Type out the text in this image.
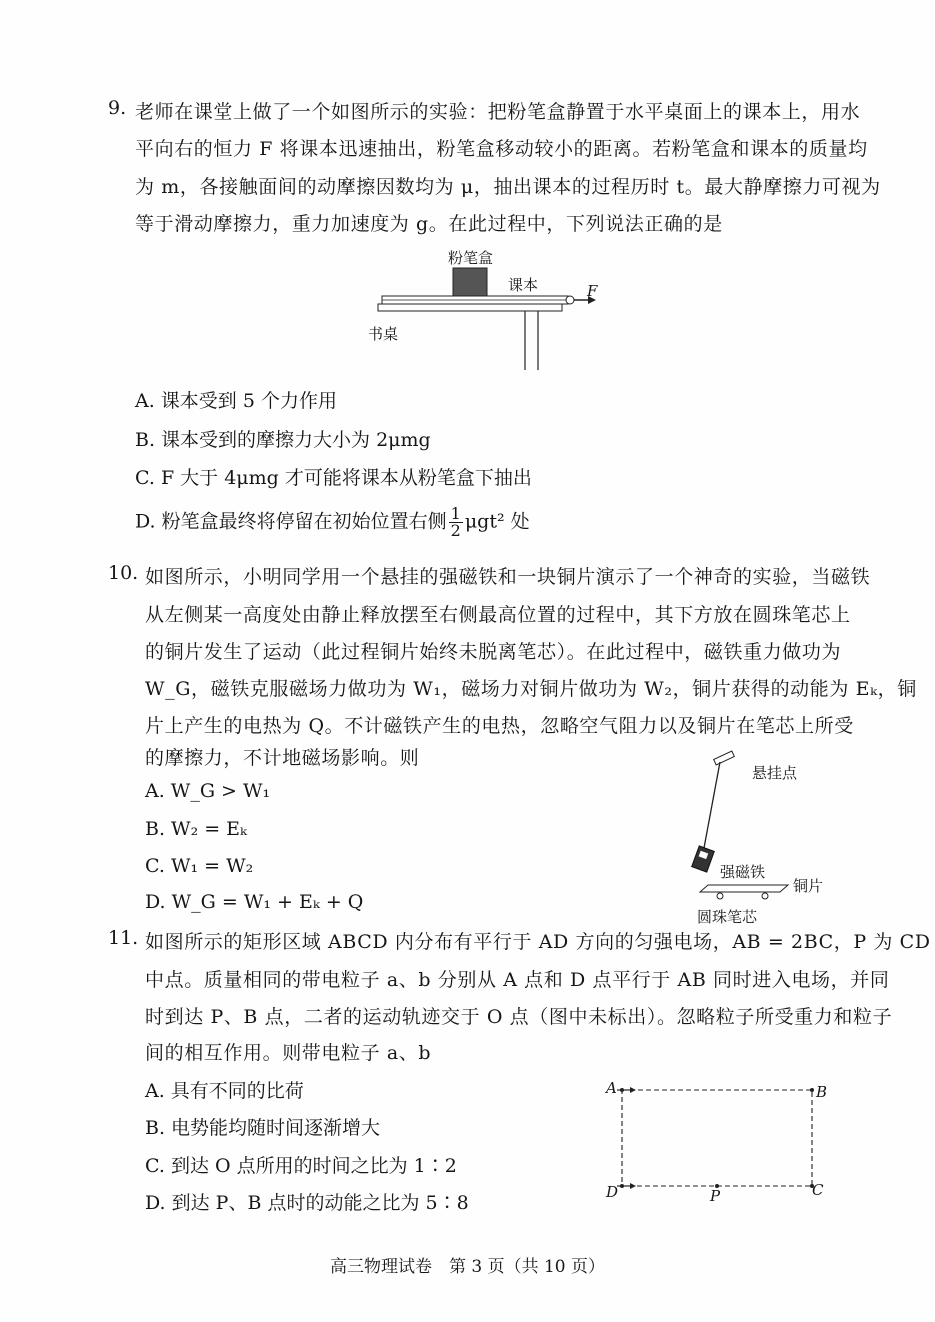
9. 老师在课堂上做了一个如图所示的实验：把粉笔盒静置于水平桌面上的课本上，用水
平向右的恒力 F 将课本迅速抽出，粉笔盒移动较小的距离。若粉笔盒和课本的质量均
为 m，各接触面间的动摩擦因数均为 μ，抽出课本的过程历时 t。最大静摩擦力可视为
等于滑动摩擦力，重力加速度为 g。在此过程中，下列说法正确的是
粉笔盒
课本	F
书桌
A. 课本受到 5 个力作用
B. 课本受到的摩擦力大小为 2μmg
C. F 大于 4μmg 才可能将课本从粉笔盒下抽出
D. 粉笔盒最终将停留在初始位置右侧 $\frac{1}{2} \mu gt^2$ 处
10. 如图所示，小明同学用一个悬挂的强磁铁和一块铜片演示了一个神奇的实验，当磁铁
从左侧某一高度处由静止释放摆至右侧最高位置的过程中，其下方放在圆珠笔芯上
的铜片发生了运动（此过程铜片始终未脱离笔芯）。在此过程中，磁铁重力做功为
W_G，磁铁克服磁场力做功为 W₁，磁场力对铜片做功为 W₂，铜片获得的动能为 Eₖ，铜
片上产生的电热为 Q。不计磁铁产生的电热，忽略空气阻力以及铜片在笔芯上所受
的摩擦力，不计地磁场影响。则
悬挂点
强磁铁
铜片
圆珠笔芯
A. W_G > W₁
B. W₂ = Eₖ
C. W₁ = W₂
D. W_G = W₁ + Eₖ + Q
11. 如图所示的矩形区域 ABCD 内分布有平行于 AD 方向的匀强电场，AB = 2BC，P 为 CD
中点。质量相同的带电粒子 a、b 分别从 A 点和 D 点平行于 AB 同时进入电场，并同
时到达 P、B 点，二者的运动轨迹交于 O 点（图中未标出）。忽略粒子所受重力和粒子
间的相互作用。则带电粒子 a、b
A	B
C
D	P
A. 具有不同的比荷
B. 电势能均随时间逐渐增大
C. 到达 O 点所用的时间之比为 1∶2
D. 到达 P、B 点时的动能之比为 5∶8
高三物理试卷　第 3 页（共 10 页）
